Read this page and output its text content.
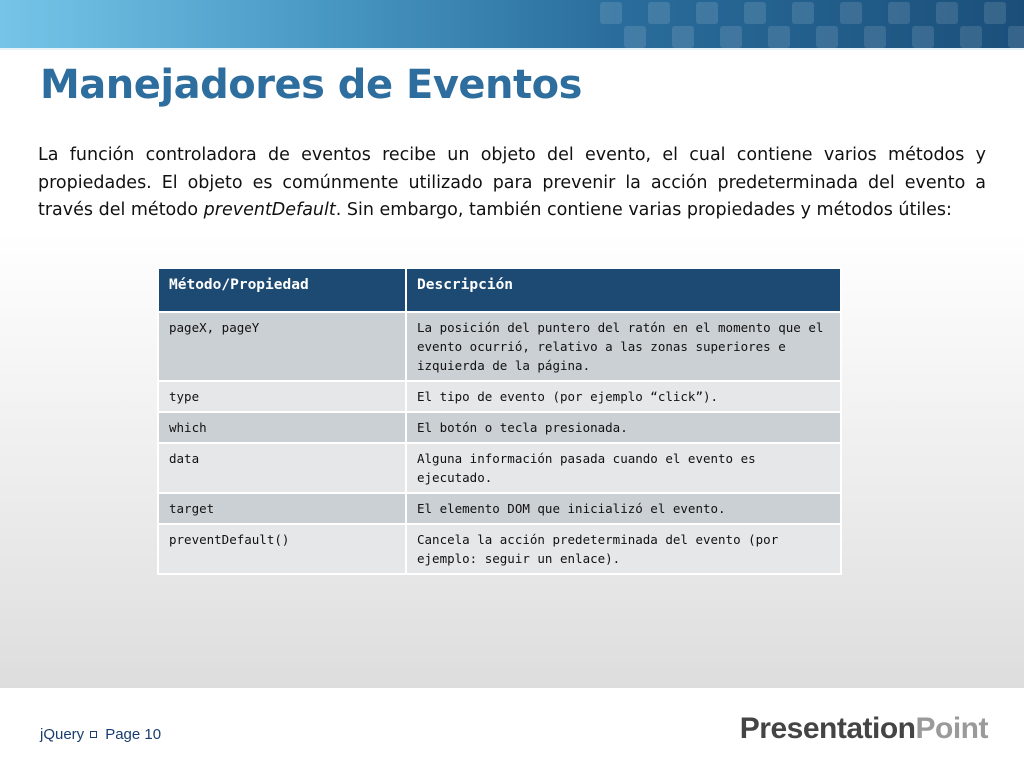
Manejadores de Eventos

La función controladora de eventos recibe un objeto del evento, el cual contiene varios métodos y propiedades. El objeto es comúnmente utilizado para prevenir la acción predeterminada del evento a través del método preventDefault. Sin embargo, también contiene varias propiedades y métodos útiles:

Método/Propiedad	Descripción
pageX, pageY	La posición del puntero del ratón en el momento que el evento ocurrió, relativo a las zonas superiores e izquierda de la página.
type	El tipo de evento (por ejemplo “click”).
which	El botón o tecla presionada.
data	Alguna información pasada cuando el evento es ejecutado.
target	El elemento DOM que inicializó el evento.
preventDefault()	Cancela la acción predeterminada del evento (por ejemplo: seguir un enlace).
jQuery Page 10	PresentationPoint
